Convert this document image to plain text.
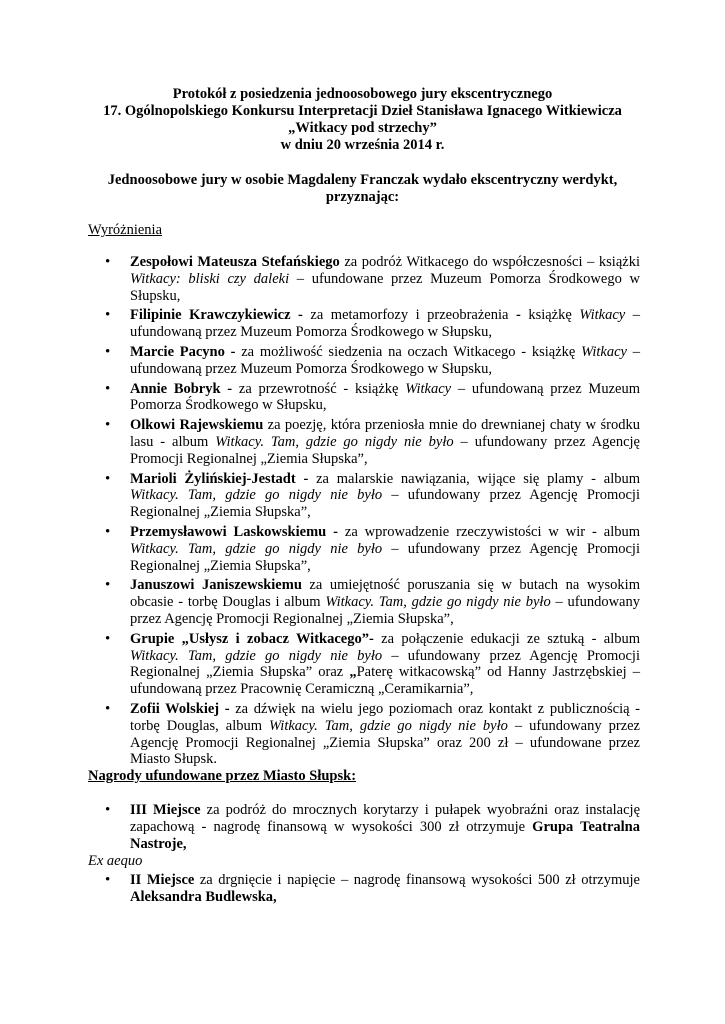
Protokół z posiedzenia jednoosobowego jury ekscentrycznego
17. Ogólnopolskiego Konkursu Interpretacji Dzieł Stanisława Ignacego Witkiewicza
„Witkacy pod strzechy”
w dniu 20 września 2014 r.
Jednoosobowe jury w osobie Magdaleny Franczak wydało ekscentryczny werdykt,
przyznając:
Wyróżnienia
• Zespołowi Mateusza Stefańskiego za podróż Witkacego do współczesności – książki Witkacy: bliski czy daleki – ufundowane przez Muzeum Pomorza Środkowego w Słupsku,
• Filipinie Krawczykiewicz - za metamorfozy i przeobrażenia - książkę Witkacy – ufundowaną przez Muzeum Pomorza Środkowego w Słupsku,
• Marcie Pacyno - za możliwość siedzenia na oczach Witkacego - książkę Witkacy – ufundowaną przez Muzeum Pomorza Środkowego w Słupsku,
• Annie Bobryk - za przewrotność - książkę Witkacy – ufundowaną przez Muzeum Pomorza Środkowego w Słupsku,
• Olkowi Rajewskiemu za poezję, która przeniosła mnie do drewnianej chaty w środku lasu - album Witkacy. Tam, gdzie go nigdy nie było – ufundowany przez Agencję Promocji Regionalnej „Ziemia Słupska”,
• Marioli Żylińskiej-Jestadt - za malarskie nawiązania, wijące się plamy - album Witkacy. Tam, gdzie go nigdy nie było – ufundowany przez Agencję Promocji Regionalnej „Ziemia Słupska”,
• Przemysławowi Laskowskiemu - za wprowadzenie rzeczywistości w wir - album Witkacy. Tam, gdzie go nigdy nie było – ufundowany przez Agencję Promocji Regionalnej „Ziemia Słupska”,
• Januszowi Janiszewskiemu za umiejętność poruszania się w butach na wysokim obcasie - torbę Douglas i album Witkacy. Tam, gdzie go nigdy nie było – ufundowany przez Agencję Promocji Regionalnej „Ziemia Słupska”,
• Grupie „Usłysz i zobacz Witkacego”- za połączenie edukacji ze sztuką - album Witkacy. Tam, gdzie go nigdy nie było – ufundowany przez Agencję Promocji Regionalnej „Ziemia Słupska” oraz „Paterę witkacowską” od Hanny Jastrzębskiej – ufundowaną przez Pracownię Ceramiczną „Ceramikarnia”,
• Zofii Wolskiej - za dźwięk na wielu jego poziomach oraz kontakt z publicznością - torbę Douglas, album Witkacy. Tam, gdzie go nigdy nie było – ufundowany przez Agencję Promocji Regionalnej „Ziemia Słupska” oraz 200 zł – ufundowane przez Miasto Słupsk.
Nagrody ufundowane przez Miasto Słupsk:
• III Miejsce za podróż do mrocznych korytarzy i pułapek wyobraźni oraz instalację zapachową - nagrodę finansową w wysokości 300 zł otrzymuje Grupa Teatralna Nastroje,
Ex aequo
• II Miejsce za drgnięcie i napięcie – nagrodę finansową wysokości 500 zł otrzymuje Aleksandra Budlewska,
